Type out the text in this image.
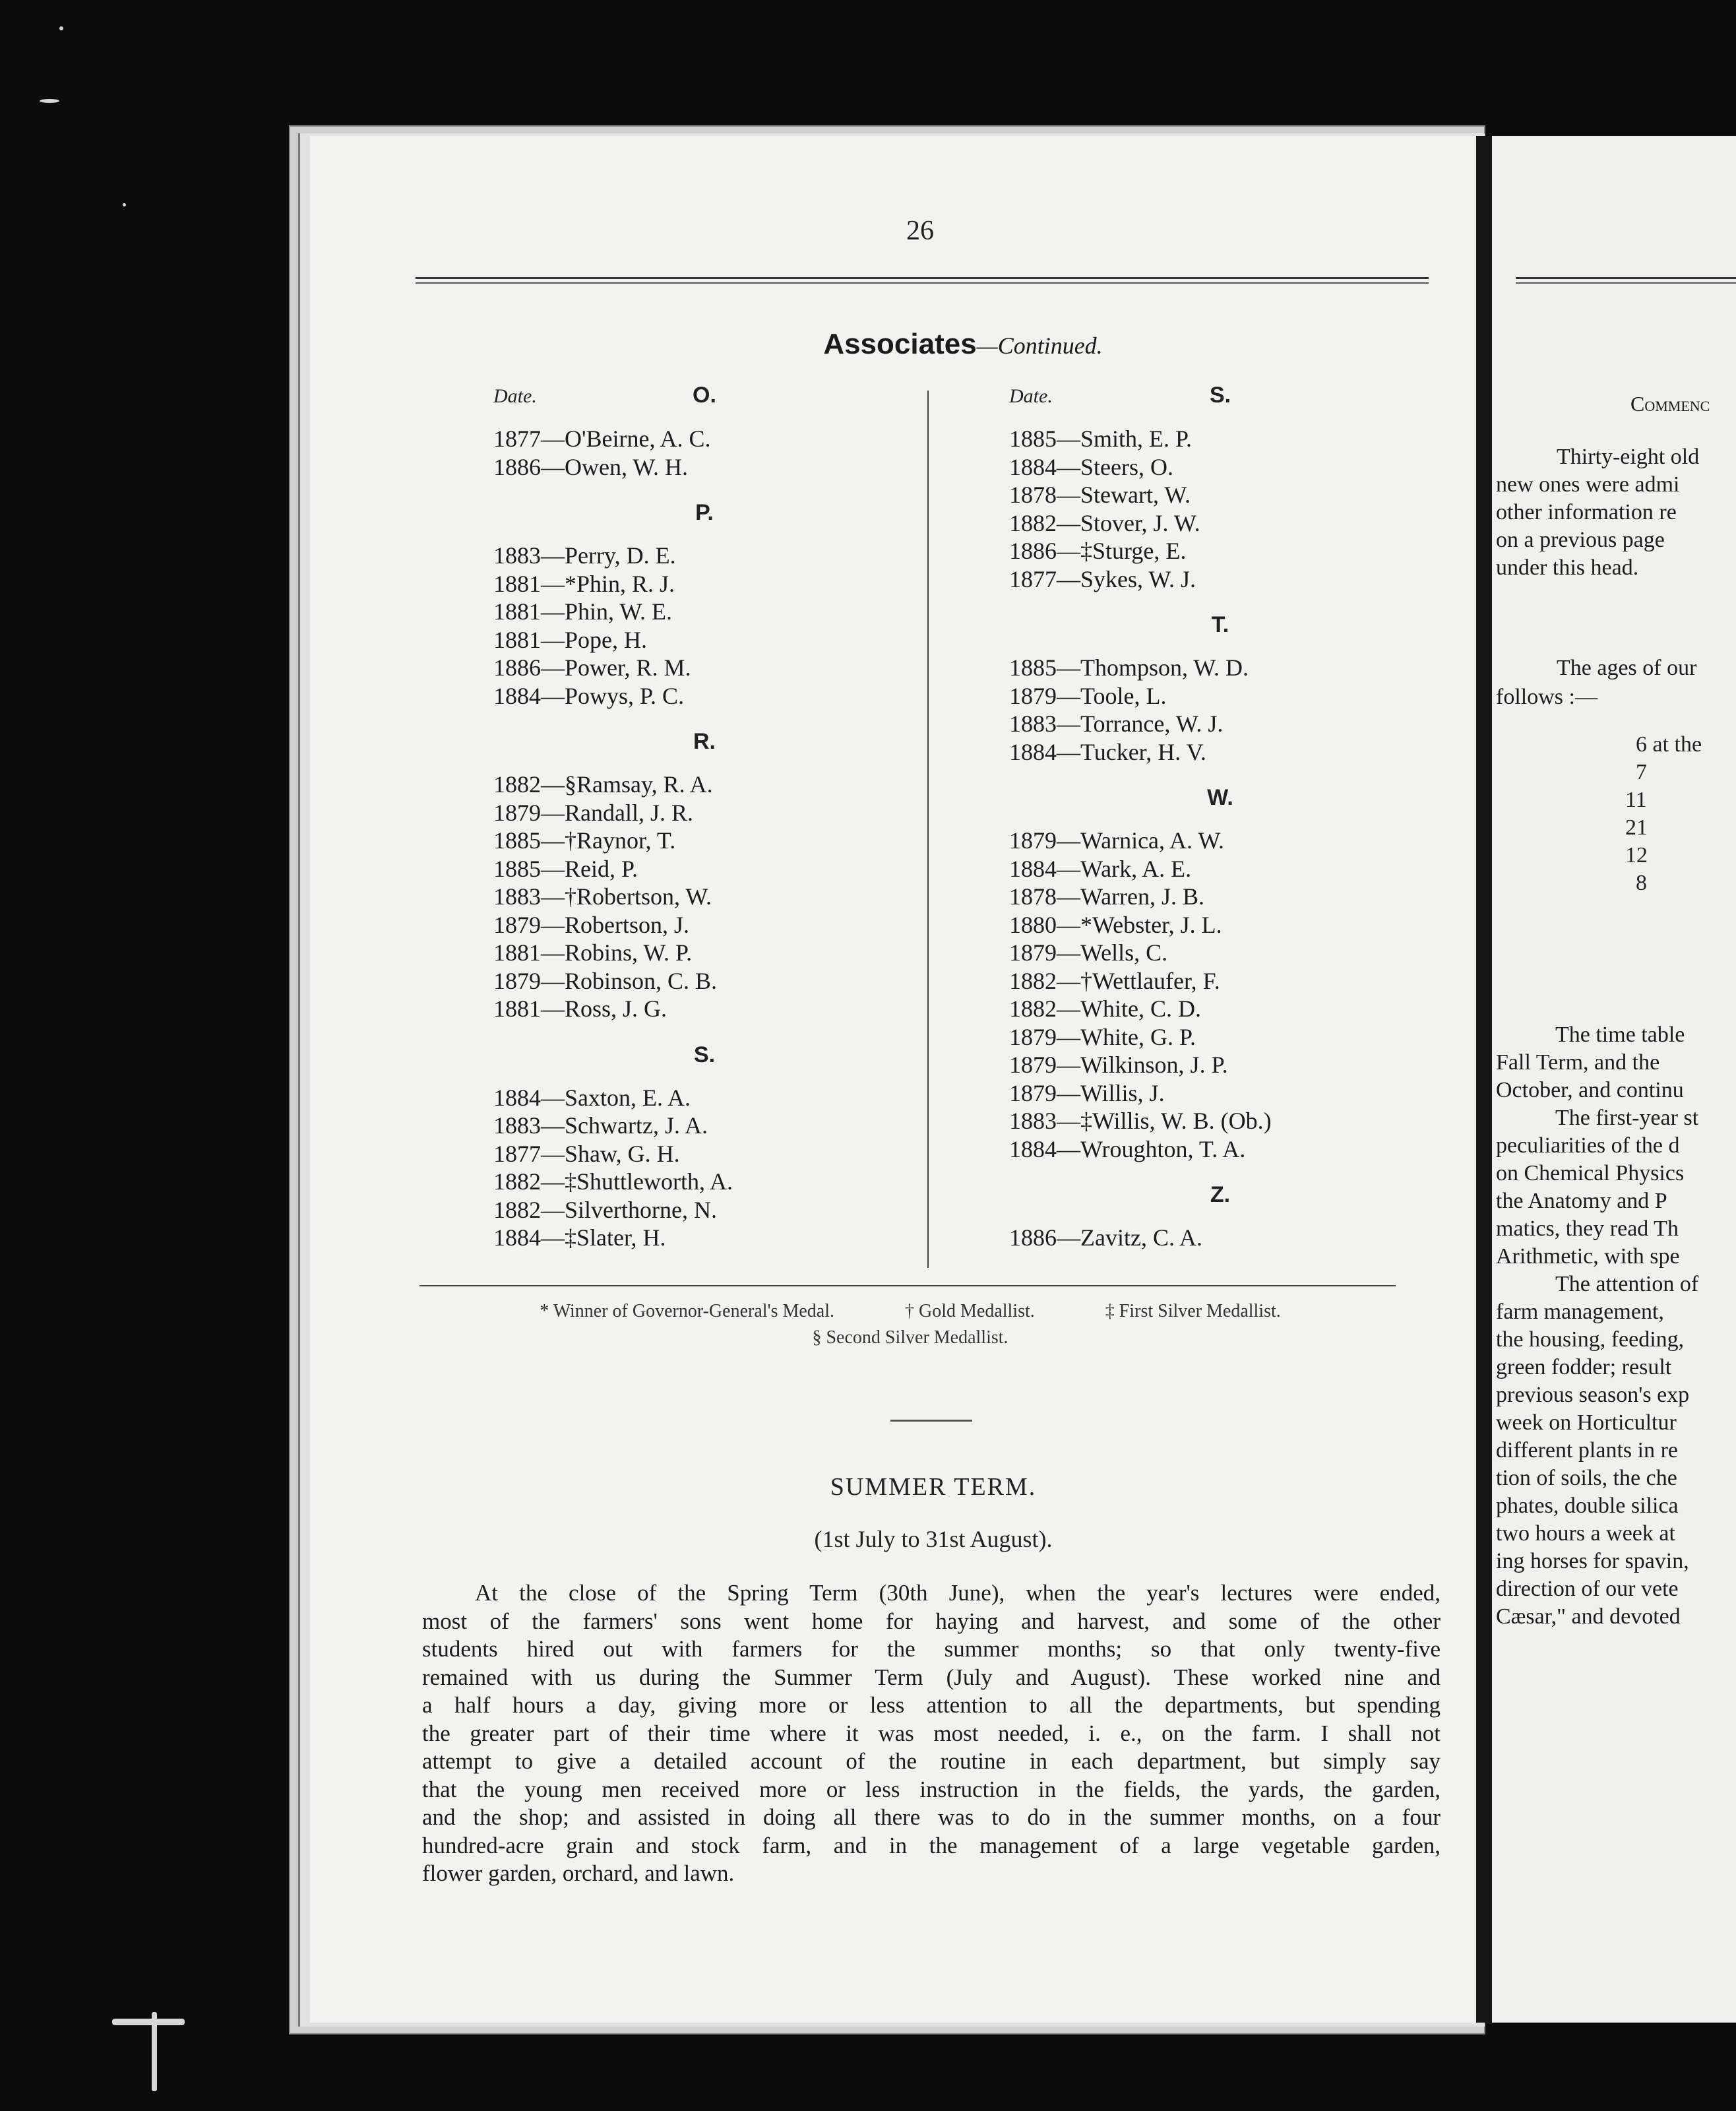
26
Associates—Continued.
Date.	O.
1877—O'Beirne, A. C.
1886—Owen, W. H.
P.
1883—Perry, D. E.
1881—*Phin, R. J.
1881—Phin, W. E.
1881—Pope, H.
1886—Power, R. M.
1884—Powys, P. C.
R.
1882—§Ramsay, R. A.
1879—Randall, J. R.
1885—†Raynor, T.
1885—Reid, P.
1883—†Robertson, W.
1879—Robertson, J.
1881—Robins, W. P.
1879—Robinson, C. B.
1881—Ross, J. G.
S.
1884—Saxton, E. A.
1883—Schwartz, J. A.
1877—Shaw, G. H.
1882—‡Shuttleworth, A.
1882—Silverthorne, N.
1884—‡Slater, H.
Date.	S.
1885—Smith, E. P.
1884—Steers, O.
1878—Stewart, W.
1882—Stover, J. W.
1886—‡Sturge, E.
1877—Sykes, W. J.
T.
1885—Thompson, W. D.
1879—Toole, L.
1883—Torrance, W. J.
1884—Tucker, H. V.
W.
1879—Warnica, A. W.
1884—Wark, A. E.
1878—Warren, J. B.
1880—*Webster, J. L.
1879—Wells, C.
1882—†Wettlaufer, F.
1882—White, C. D.
1879—White, G. P.
1879—Wilkinson, J. P.
1879—Willis, J.
1883—‡Willis, W. B. (Ob.)
1884—Wroughton, T. A.
Z.
1886—Zavitz, C. A.
* Winner of Governor-General's Medal.	† Gold Medallist.	‡ First Silver Medallist.
§ Second Silver Medallist.
SUMMER TERM.
(1st July to 31st August).
At the close of the Spring Term (30th June), when the year's lectures were ended,
most of the farmers' sons went home for haying and harvest, and some of the other
students hired out with farmers for the summer months; so that only twenty-five
remained with us during the Summer Term (July and August). These worked nine and
a half hours a day, giving more or less attention to all the departments, but spending
the greater part of their time where it was most needed, i. e., on the farm. I shall not
attempt to give a detailed account of the routine in each department, but simply say
that the young men received more or less instruction in the fields, the yards, the garden,
and the shop; and assisted in doing all there was to do in the summer months, on a four
hundred-acre grain and stock farm, and in the management of a large vegetable garden,
flower garden, orchard, and lawn.
Commenc
Thirty-eight old
new ones were admi
other information re
on a previous page
under this head.
The ages of our
follows :—
6 at the
7
11
21
12
8
The time table
Fall Term, and the
October, and continu
The first-year st
peculiarities of the d
on Chemical Physics
the Anatomy and P
matics, they read Th
Arithmetic, with spe
The attention of
farm management,
the housing, feeding,
green fodder; result
previous season's exp
week on Horticultur
different plants in re
tion of soils, the che
phates, double silica
two hours a week at
ing horses for spavin,
direction of our vete
Cæsar," and devoted
